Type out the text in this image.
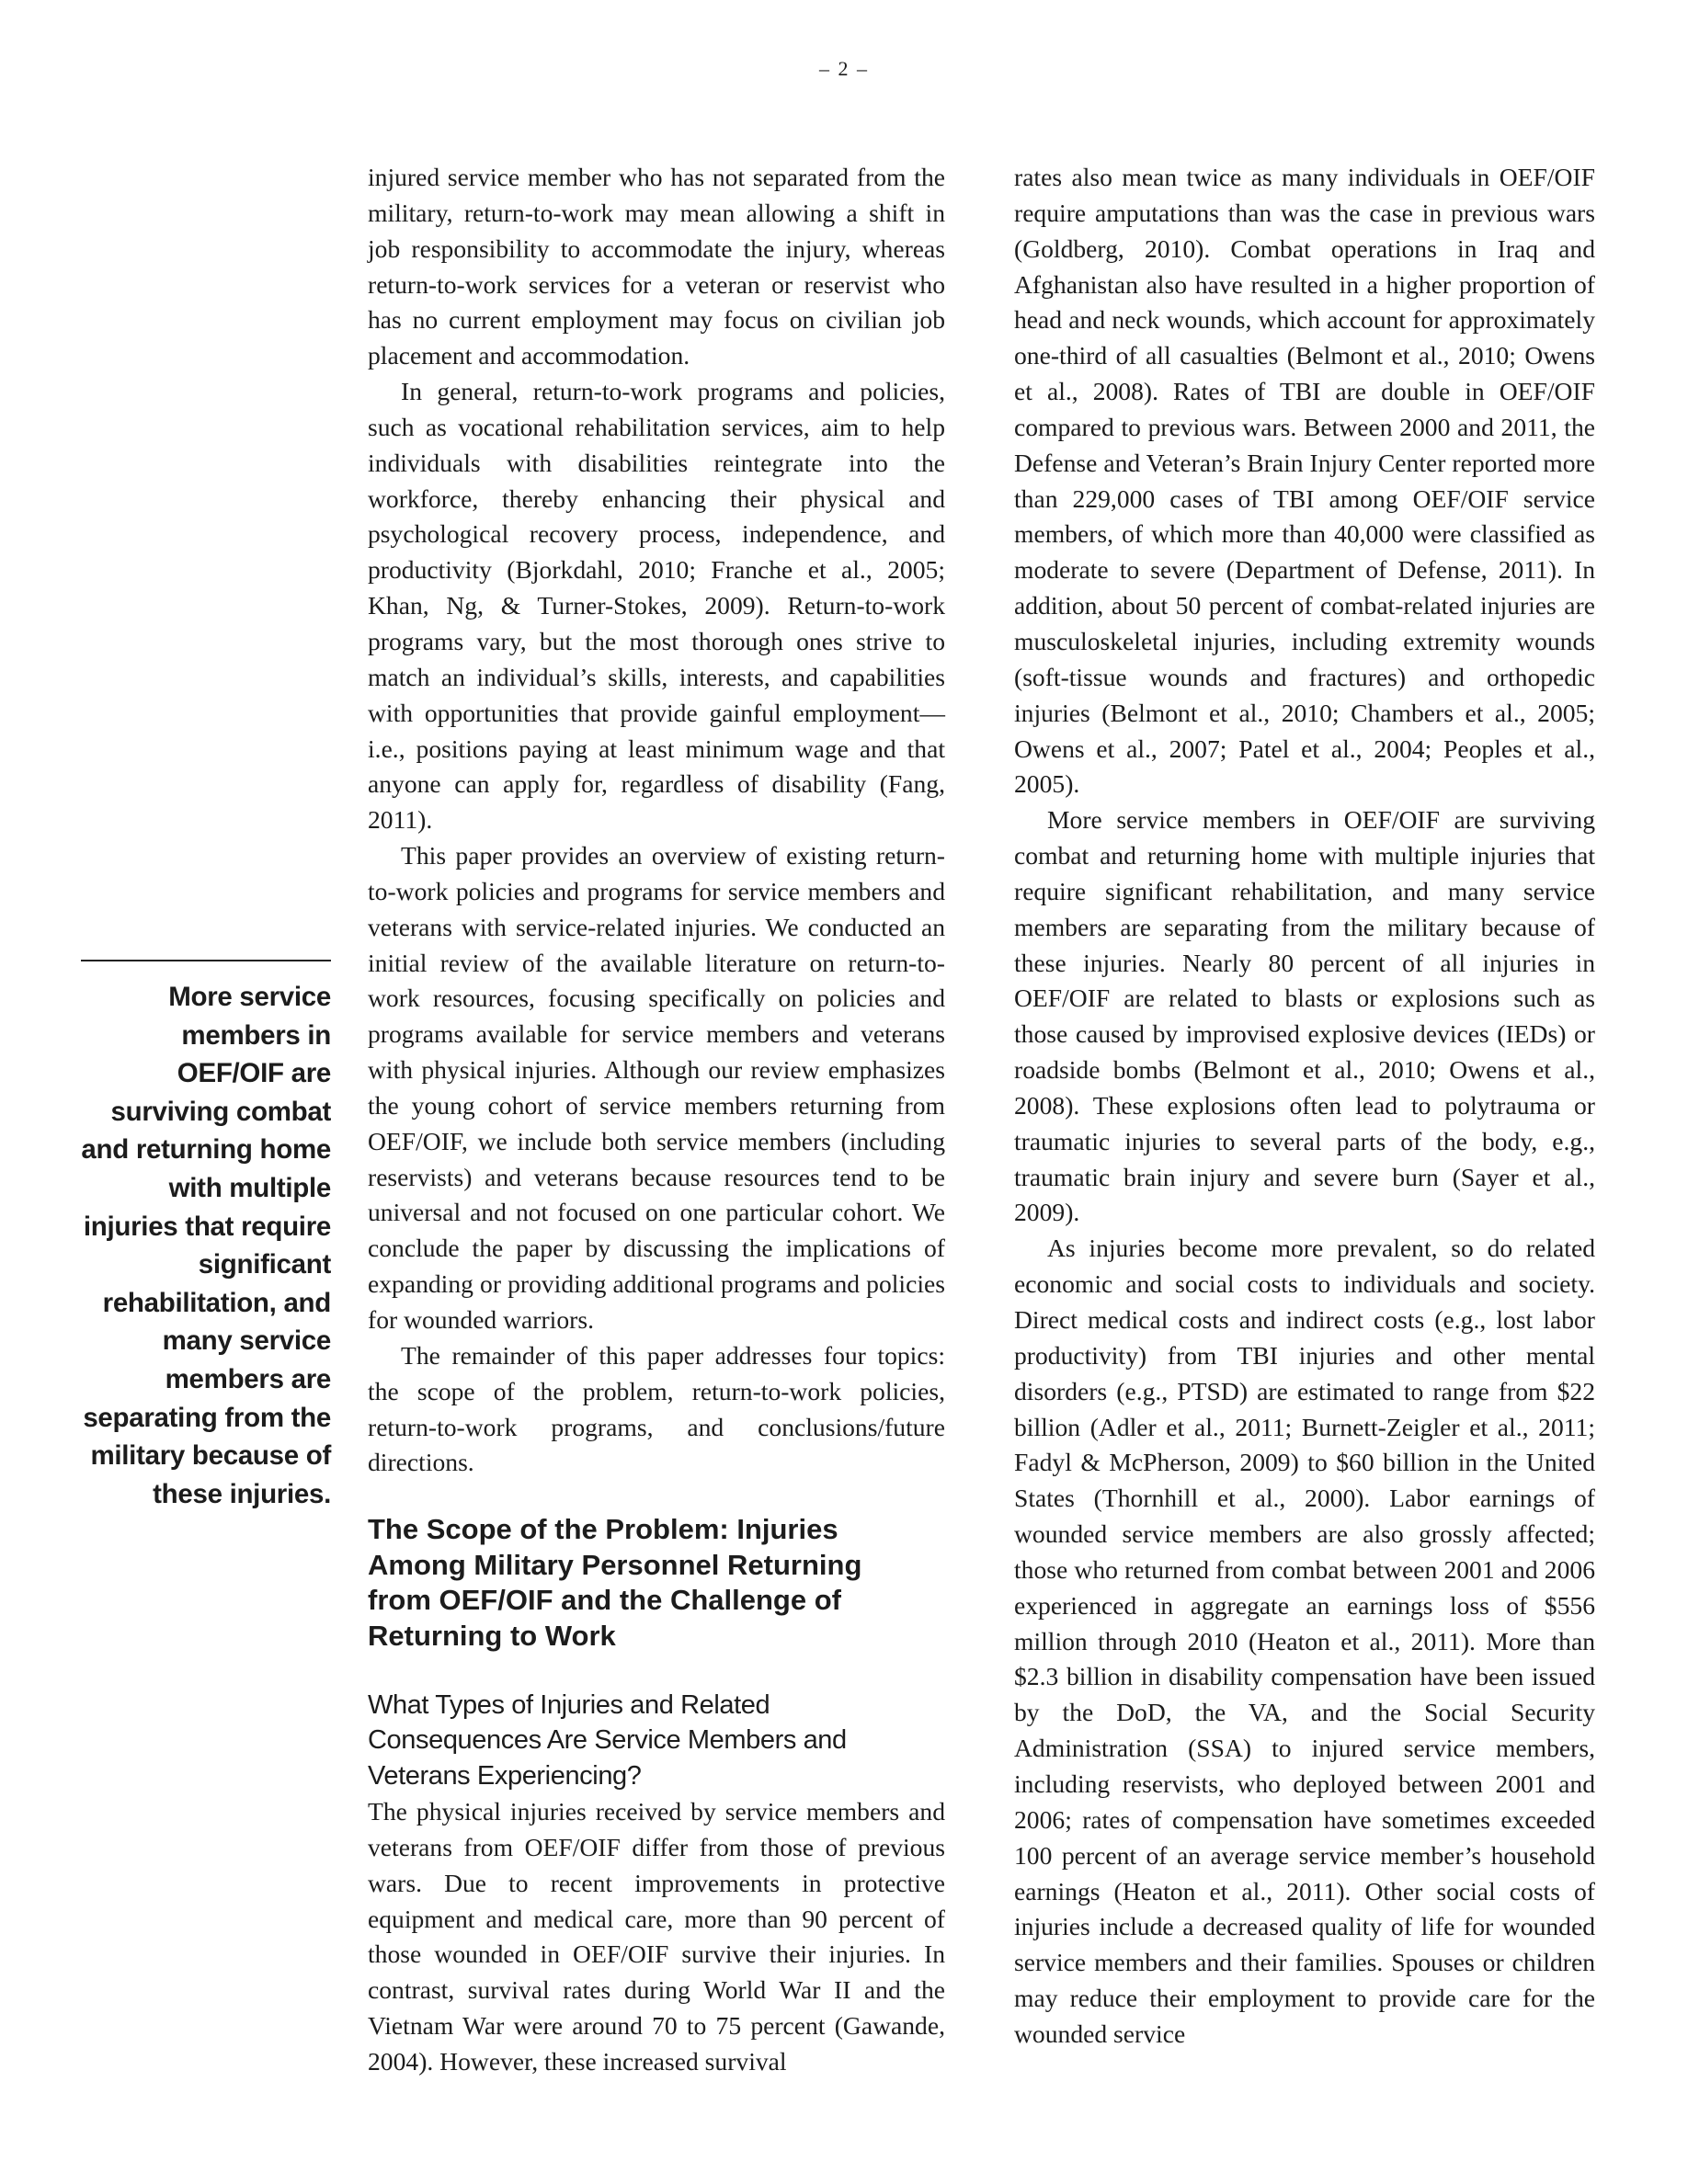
– 2 –
More service members in OEF/OIF are surviving combat and returning home with multiple injuries that require significant rehabilitation, and many service members are separating from the military because of these injuries.

injured service member who has not separated from the military, return-to-work may mean allowing a shift in job responsibility to accommodate the injury, whereas return-to-work services for a veteran or reservist who has no current employment may focus on civilian job placement and accommodation.

In general, return-to-work programs and policies, such as vocational rehabilitation services, aim to help individuals with disabilities reintegrate into the workforce, thereby enhancing their physical and psychological recovery process, independence, and productivity (Bjorkdahl, 2010; Franche et al., 2005; Khan, Ng, & Turner-Stokes, 2009). Return-to-work programs vary, but the most thorough ones strive to match an individual’s skills, interests, and capabilities with opportunities that provide gainful employment—i.e., positions paying at least minimum wage and that anyone can apply for, regardless of disability (Fang, 2011).

This paper provides an overview of existing return-to-work policies and programs for service members and veterans with service-related injuries. We conducted an initial review of the available literature on return-to-work resources, focusing specifically on policies and programs available for service members and veterans with physical injuries. Although our review emphasizes the young cohort of service members returning from OEF/OIF, we include both service members (including reservists) and veterans because resources tend to be universal and not focused on one particular cohort. We conclude the paper by discussing the implications of expanding or providing additional programs and policies for wounded warriors.

The remainder of this paper addresses four topics: the scope of the problem, return-to-work policies, return-to-work programs, and conclusions/future directions.

The Scope of the Problem: Injuries Among Military Personnel Returning from OEF/OIF and the Challenge of Returning to Work
What Types of Injuries and Related Consequences Are Service Members and Veterans Experiencing?

The physical injuries received by service members and veterans from OEF/OIF differ from those of previous wars. Due to recent improvements in protective equipment and medical care, more than 90 percent of those wounded in OEF/OIF survive their injuries. In contrast, survival rates during World War II and the Vietnam War were around 70 to 75 percent (Gawande, 2004). However, these increased survival

rates also mean twice as many individuals in OEF/OIF require amputations than was the case in previous wars (Goldberg, 2010). Combat operations in Iraq and Afghanistan also have resulted in a higher proportion of head and neck wounds, which account for approximately one-third of all casualties (Belmont et al., 2010; Owens et al., 2008). Rates of TBI are double in OEF/OIF compared to previous wars. Between 2000 and 2011, the Defense and Veteran’s Brain Injury Center reported more than 229,000 cases of TBI among OEF/OIF service members, of which more than 40,000 were classified as moderate to severe (Department of Defense, 2011). In addition, about 50 percent of combat-related injuries are musculoskeletal injuries, including extremity wounds (soft-tissue wounds and fractures) and orthopedic injuries (Belmont et al., 2010; Chambers et al., 2005; Owens et al., 2007; Patel et al., 2004; Peoples et al., 2005).

More service members in OEF/OIF are surviving combat and returning home with multiple injuries that require significant rehabilitation, and many service members are separating from the military because of these injuries. Nearly 80 percent of all injuries in OEF/OIF are related to blasts or explosions such as those caused by improvised explosive devices (IEDs) or roadside bombs (Belmont et al., 2010; Owens et al., 2008). These explosions often lead to polytrauma or traumatic injuries to several parts of the body, e.g., traumatic brain injury and severe burn (Sayer et al., 2009).

As injuries become more prevalent, so do related economic and social costs to individuals and society. Direct medical costs and indirect costs (e.g., lost labor productivity) from TBI injuries and other mental disorders (e.g., PTSD) are estimated to range from $22 billion (Adler et al., 2011; Burnett-Zeigler et al., 2011; Fadyl & McPherson, 2009) to $60 billion in the United States (Thornhill et al., 2000). Labor earnings of wounded service members are also grossly affected; those who returned from combat between 2001 and 2006 experienced in aggregate an earnings loss of $556 million through 2010 (Heaton et al., 2011). More than $2.3 billion in disability compensation have been issued by the DoD, the VA, and the Social Security Administration (SSA) to injured service members, including reservists, who deployed between 2001 and 2006; rates of compensation have sometimes exceeded 100 percent of an average service member’s household earnings (Heaton et al., 2011). Other social costs of injuries include a decreased quality of life for wounded service members and their families. Spouses or children may reduce their employment to provide care for the wounded service
